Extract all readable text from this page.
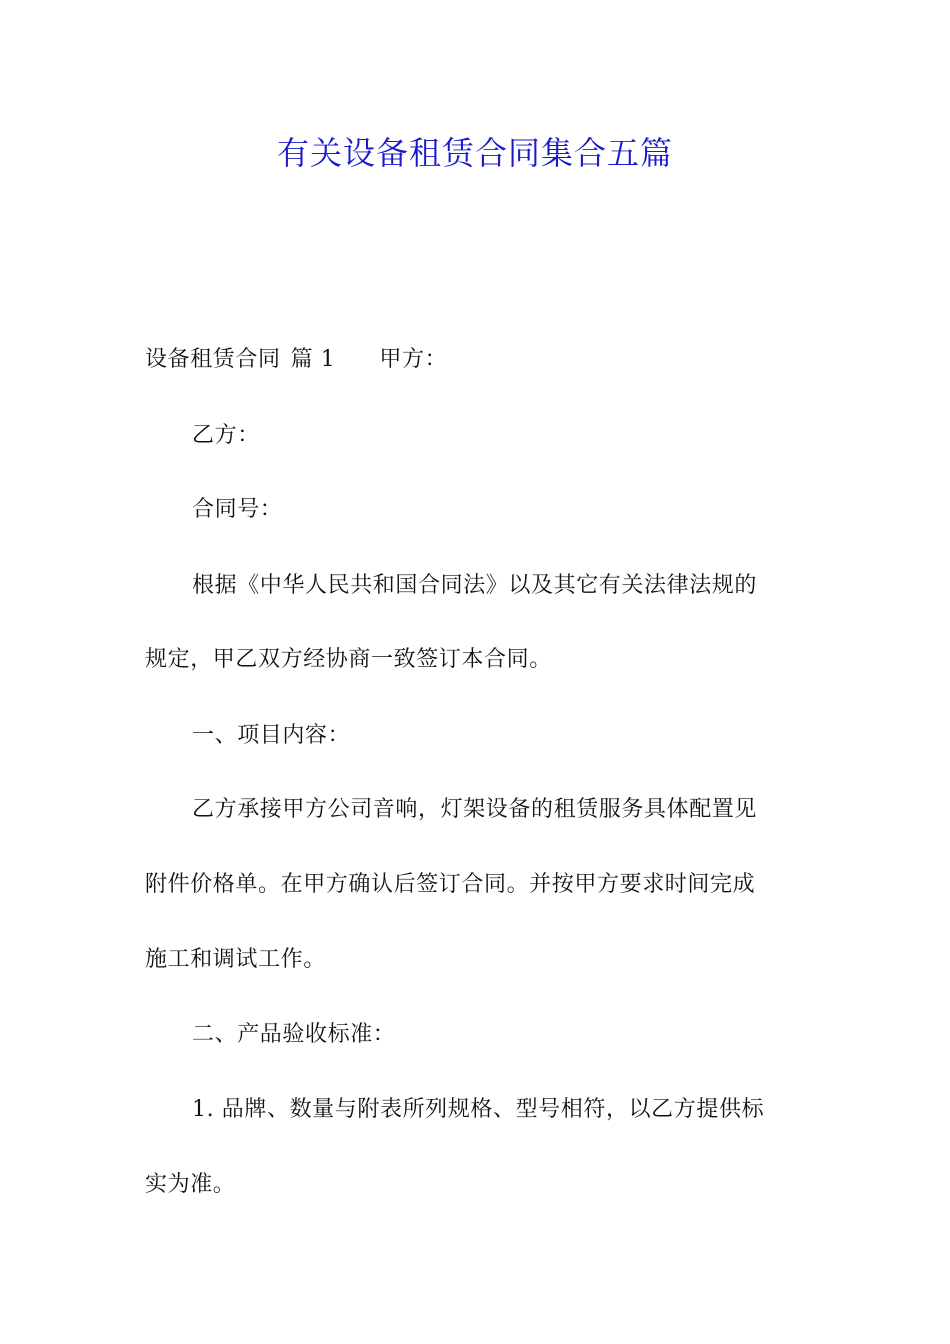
有关设备租赁合同集合五篇
设备租赁合同 篇 1 甲方：
乙方：
合同号：
根据《中华人民共和国合同法》以及其它有关法律法规的
规定，甲乙双方经协商一致签订本合同。
一、项目内容：
乙方承接甲方公司音响，灯架设备的租赁服务具体配置见
附件价格单。在甲方确认后签订合同。并按甲方要求时间完成
施工和调试工作。
二、产品验收标准：
1. 品牌、数量与附表所列规格、型号相符，以乙方提供标
实为准。
